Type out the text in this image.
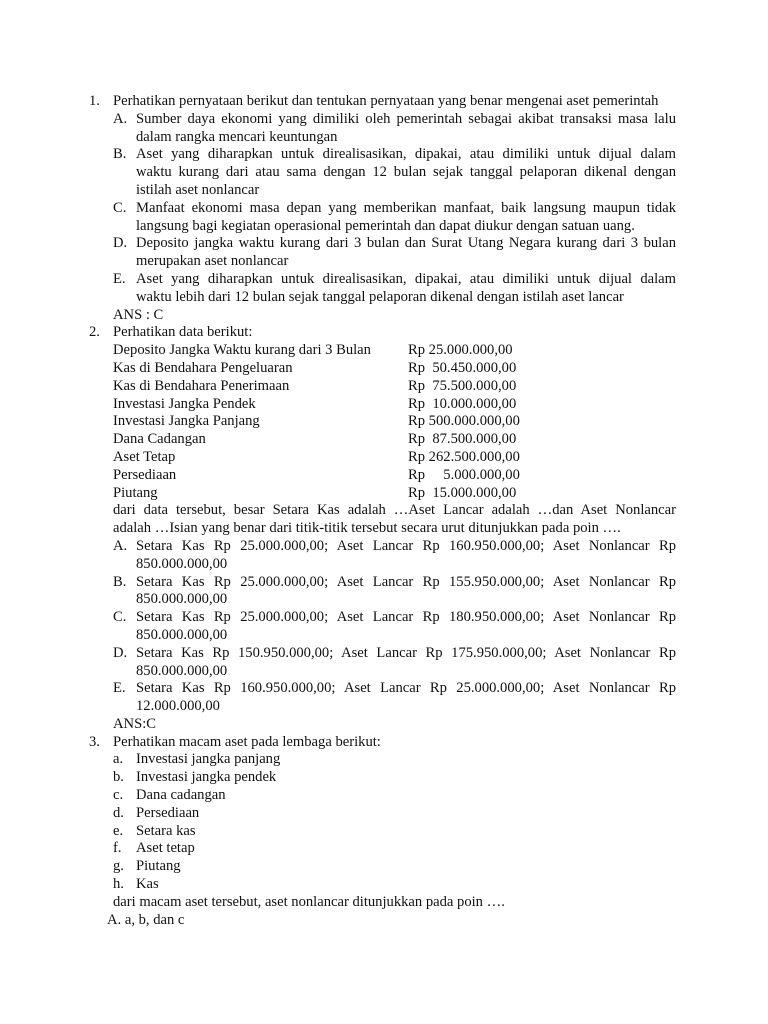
1. Perhatikan pernyataan berikut dan tentukan pernyataan yang benar mengenai aset pemerintah
A. Sumber daya ekonomi yang dimiliki oleh pemerintah sebagai akibat transaksi masa lalu
dalam rangka mencari keuntungan
B. Aset yang diharapkan untuk direalisasikan, dipakai, atau dimiliki untuk dijual dalam
waktu kurang dari atau sama dengan 12 bulan sejak tanggal pelaporan dikenal dengan
istilah aset nonlancar
C. Manfaat ekonomi masa depan yang memberikan manfaat, baik langsung maupun tidak
langsung bagi kegiatan operasional pemerintah dan dapat diukur dengan satuan uang.
D. Deposito jangka waktu kurang dari 3 bulan dan Surat Utang Negara kurang dari 3 bulan
merupakan aset nonlancar
E. Aset yang diharapkan untuk direalisasikan, dipakai, atau dimiliki untuk dijual dalam
waktu lebih dari 12 bulan sejak tanggal pelaporan dikenal dengan istilah aset lancar
ANS : C
2. Perhatikan data berikut:
Deposito Jangka Waktu kurang dari 3 Bulan	Rp 25.000.000,00
Kas di Bendahara Pengeluaran	Rp  50.450.000,00
Kas di Bendahara Penerimaan	Rp  75.500.000,00
Investasi Jangka Pendek	Rp  10.000.000,00
Investasi Jangka Panjang	Rp 500.000.000,00
Dana Cadangan	Rp  87.500.000,00
Aset Tetap	Rp 262.500.000,00
Persediaan	Rp     5.000.000,00
Piutang	Rp  15.000.000,00
dari data tersebut, besar Setara Kas adalah …Aset Lancar adalah …dan Aset Nonlancar
adalah …Isian yang benar dari titik-titik tersebut secara urut ditunjukkan pada poin ….
A. Setara Kas Rp 25.000.000,00; Aset Lancar Rp 160.950.000,00; Aset Nonlancar Rp
850.000.000,00
B. Setara Kas Rp 25.000.000,00; Aset Lancar Rp 155.950.000,00; Aset Nonlancar Rp
850.000.000,00
C. Setara Kas Rp 25.000.000,00; Aset Lancar Rp 180.950.000,00; Aset Nonlancar Rp
850.000.000,00
D. Setara Kas Rp 150.950.000,00; Aset Lancar Rp 175.950.000,00; Aset Nonlancar Rp
850.000.000,00
E. Setara Kas Rp 160.950.000,00; Aset Lancar Rp 25.000.000,00; Aset Nonlancar Rp
12.000.000,00
ANS:C
3. Perhatikan macam aset pada lembaga berikut:
a. Investasi jangka panjang
b. Investasi jangka pendek
c. Dana cadangan
d. Persediaan
e. Setara kas
f. Aset tetap
g. Piutang
h. Kas
dari macam aset tersebut, aset nonlancar ditunjukkan pada poin ….
A. a, b, dan c
